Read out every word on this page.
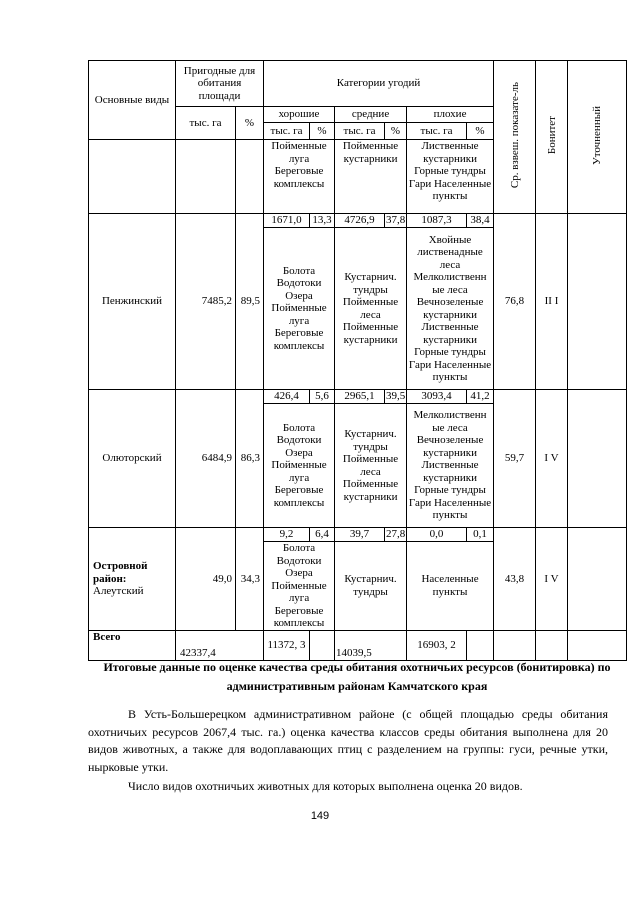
Основные виды	Пригодные для обитания площади		Категории угодий						Ср. взвеш. показате-ль	Бонитет	Уточненный
	тыс. га	%	хорошие		средние		плохие				
			тыс. га	%	тыс. га	%	тыс. га	%			
			Пойменные луга Береговые комплексы		Пойменные кустарники		Лиственные кустарники Горные тундры Гари Населенные пункты				
Пенжинский	7485,2	89,5	1671,0	13,3	4726,9	37,8	1087,3	38,4	76,8	II I	
			Болота Водотоки Озера Пойменные луга Береговые комплексы		Кустарнич. тундры Пойменные леса Пойменные кустарники		Хвойные лиственадные леса Мелколиственн ые леса Вечнозеленые кустарники Лиственные кустарники Горные тундры Гари Населенные пункты				
Олюторский	6484,9	86,3	426,4	5,6	2965,1	39,5	3093,4	41,2	59,7	I V	
			Болота Водотоки Озера Пойменные луга Береговые комплексы		Кустарнич. тундры Пойменные леса Пойменные кустарники		Мелколиственн ые леса Вечнозеленые кустарники Лиственные кустарники Горные тундры Гари Населенные пункты				
Островной район:
Алеутский	49,0	34,3	9,2	6,4	39,7	27,8	0,0	0,1	43,8	I V	
			Болота Водотоки Озера Пойменные луга Береговые комплексы		Кустарнич. тундры		Населенные пункты				
Всего	42337,4		11372, 3		14039,5		16903, 2				

Итоговые данные по оценке качества среды обитания охотничьих ресурсов (бонитировка) по административным районам Камчатского края

В Усть-Большерецком административном районе (с общей площадью среды обитания охотничьих ресурсов 2067,4 тыс. га.) оценка качества классов среды обитания выполнена для 20 видов животных, а также для водоплавающих птиц с разделением на группы: гуси, речные утки, нырковые утки.

Число видов охотничьих животных для которых выполнена оценка 20 видов.

149
